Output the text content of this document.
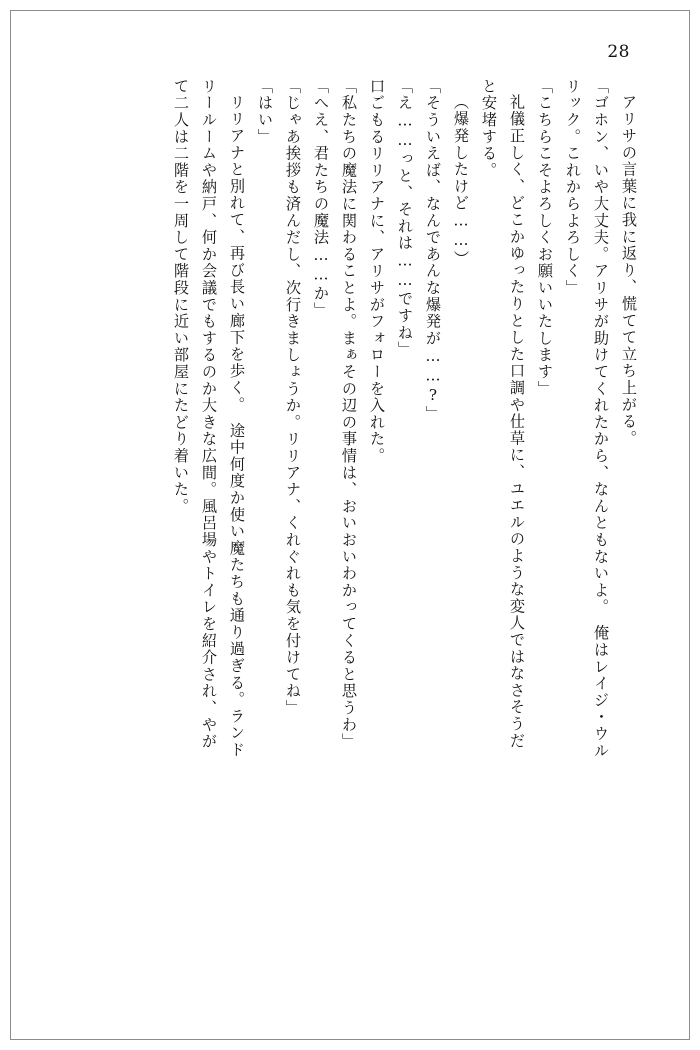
28
アリサの言葉に我に返り、慌てて立ち上がる。
「ゴホン、いや大丈夫。アリサが助けてくれたから、なんともないよ。　俺はレイジ・ウル
リック。これからよろしく」
「こちらこそよろしくお願いいたします」
礼儀正しく、どこかゆったりとした口調や仕草に、ユエルのような変人ではなさそうだ
と安堵する。
（爆発したけど……）
「そういえば、なんであんな爆発が……?」
「え……っと、それは……ですね」
口ごもるリリアナに、アリサがフォローを入れた。
「私たちの魔法に関わることよ。まぁその辺の事情は、おいおいわかってくると思うわ」
「へえ、君たちの魔法……か」
「じゃあ挨拶も済んだし、次行きましょうか。リリアナ、くれぐれも気を付けてね」
「はい」
リリアナと別れて、再び長い廊下を歩く。　途中何度か使い魔たちも通り過ぎる。ランド
リールームや納戸、何か会議でもするのか大きな広間。風呂場やトイレを紹介され、やが
て二人は二階を一周して階段に近い部屋にたどり着いた。
